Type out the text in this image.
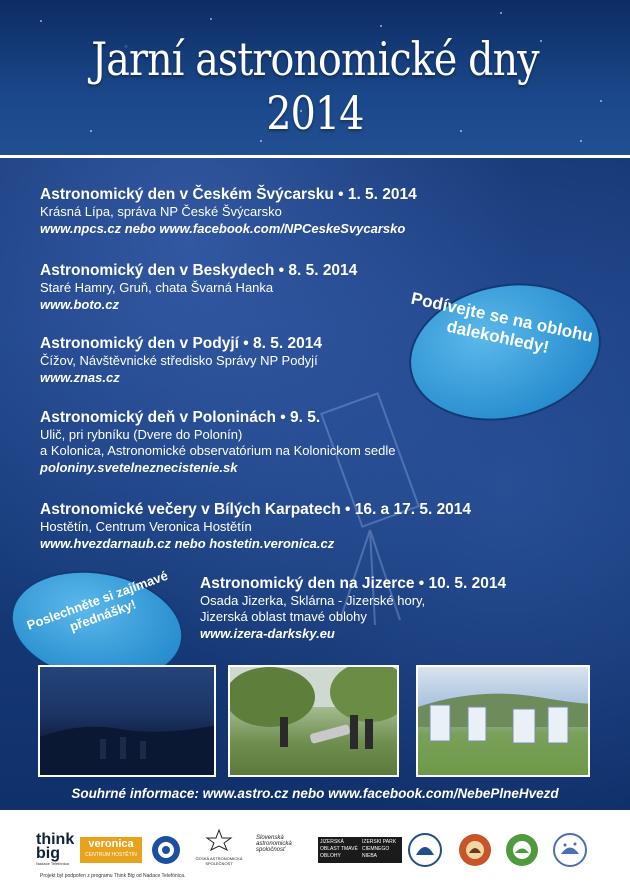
Jarní astronomické dny 2014
Astronomický den v Českém Švýcarsku • 1. 5. 2014
Krásná Lípa, správa NP České Švýcarsko
www.npcs.cz nebo www.facebook.com/NPCeskeSvycarsko
Astronomický den v Beskydech • 8. 5. 2014
Staré Hamry, Gruň, chata Švarná Hanka
www.boto.cz
Astronomický den v Podyjí • 8. 5. 2014
Čížov, Návštěvnické středisko Správy NP Podyjí
www.znas.cz
Astronomický deň v Poloninách • 9. 5.
Ulič, pri rybníku (Dvere do Polonín)
a Kolonica, Astronomické observatórium na Kolonickom sedle
poloniny.svetelneznecistenie.sk
Astronomické večery v Bílých Karpatech • 16. a 17. 5. 2014
Hostětín, Centrum Veronica Hostětín
www.hvezdarnaub.cz nebo hostetin.veronica.cz
Astronomický den na Jizerce • 10. 5. 2014
Osada Jizerka, Sklárna - Jizerské hory,
Jizerská oblast tmavé oblohy
www.izera-darksky.eu
Podívejte se na oblohu dalekohledy!
Poslechněte si zajímavé přednášky!
Souhrné informace: www.astro.cz nebo www.facebook.com/NebePlneHvezd
think big
Nadace Telefónica
veronica
CENTRUM HOSTĚTÍN
ČESKÁ ASTRONOMICKÁ SPOLEČNOST
Slovenská astronomická spoločnosť
JIZERSKÁ OBLAST TMAVÉ OBLOHY
IZERSKI PARK CIEMNEGO NIEBA
Projekt byl podpořen z programu Think Big od Nadace Telefónica.
